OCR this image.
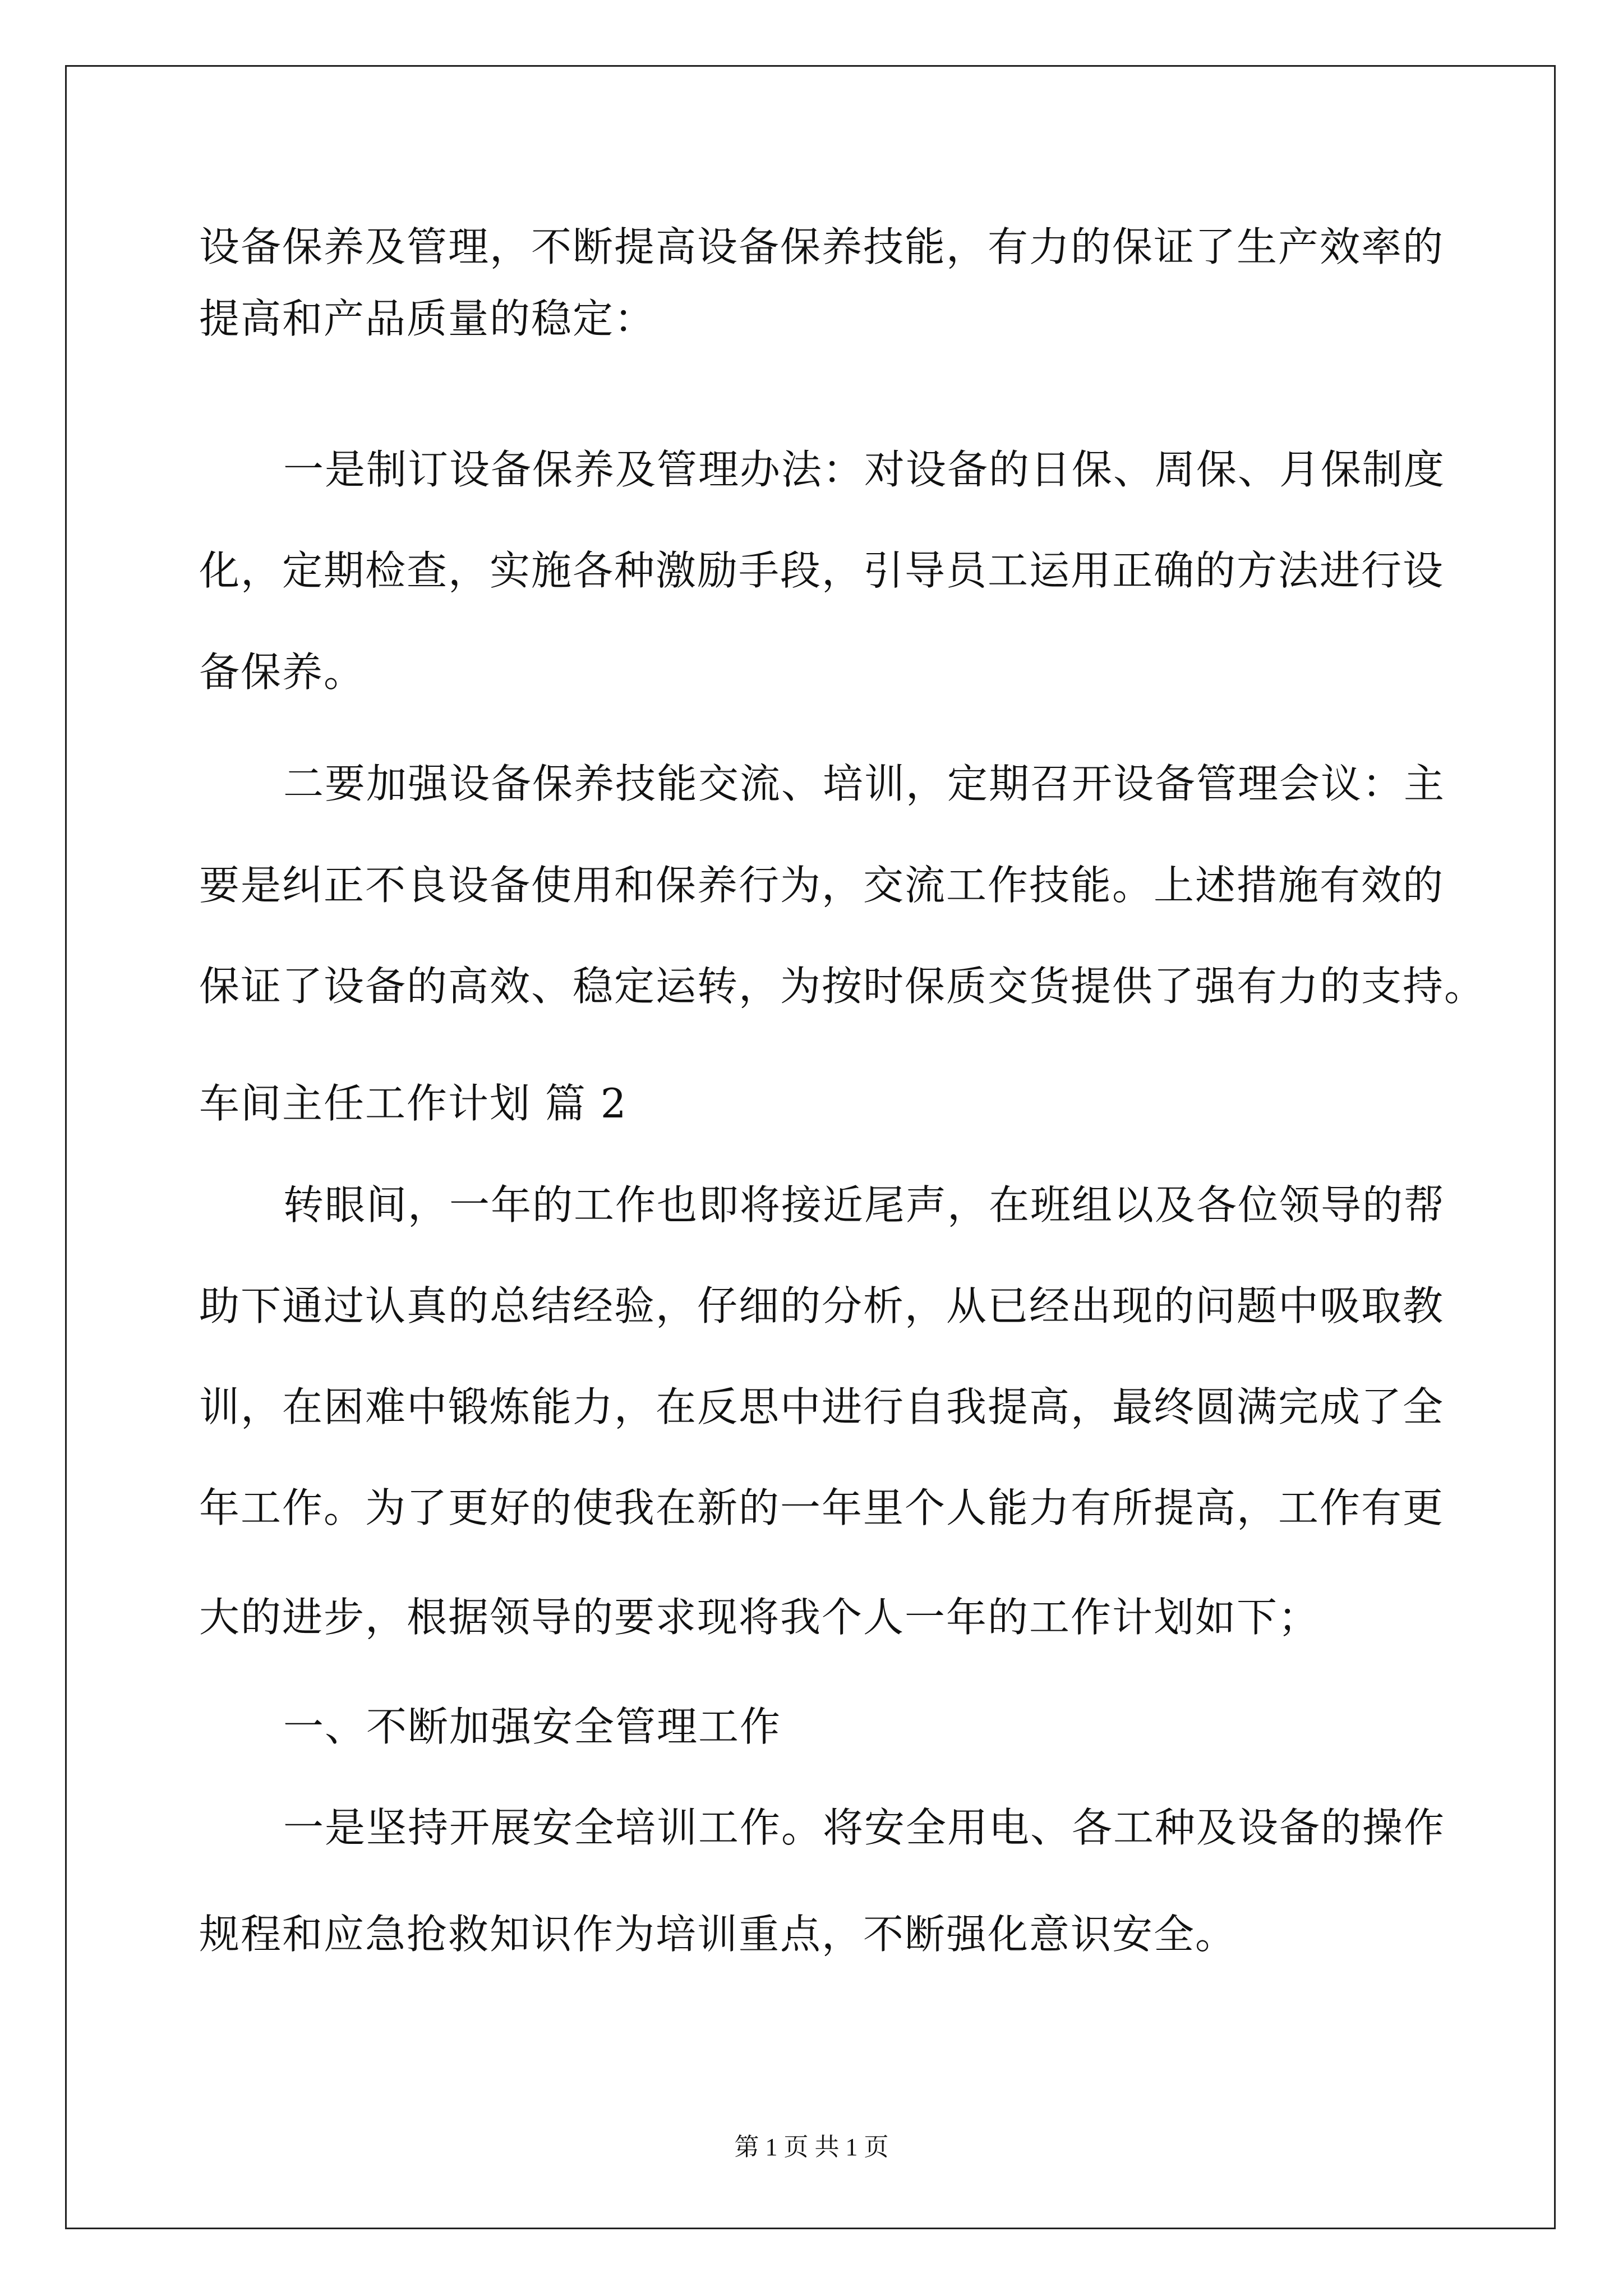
设备保养及管理，不断提高设备保养技能，有力的保证了生产效率的
提高和产品质量的稳定：
一是制订设备保养及管理办法：对设备的日保、周保、月保制度
化，定期检查，实施各种激励手段，引导员工运用正确的方法进行设
备保养。
二要加强设备保养技能交流、培训，定期召开设备管理会议：主
要是纠正不良设备使用和保养行为，交流工作技能。上述措施有效的
保证了设备的高效、稳定运转，为按时保质交货提供了强有力的支持。
车间主任工作计划 篇 2
转眼间，一年的工作也即将接近尾声，在班组以及各位领导的帮
助下通过认真的总结经验，仔细的分析，从已经出现的问题中吸取教
训，在困难中锻炼能力，在反思中进行自我提高，最终圆满完成了全
年工作。为了更好的使我在新的一年里个人能力有所提高，工作有更
大的进步，根据领导的要求现将我个人一年的工作计划如下；
一、不断加强安全管理工作
一是坚持开展安全培训工作。将安全用电、各工种及设备的操作
规程和应急抢救知识作为培训重点，不断强化意识安全。
第 1 页 共 1 页
